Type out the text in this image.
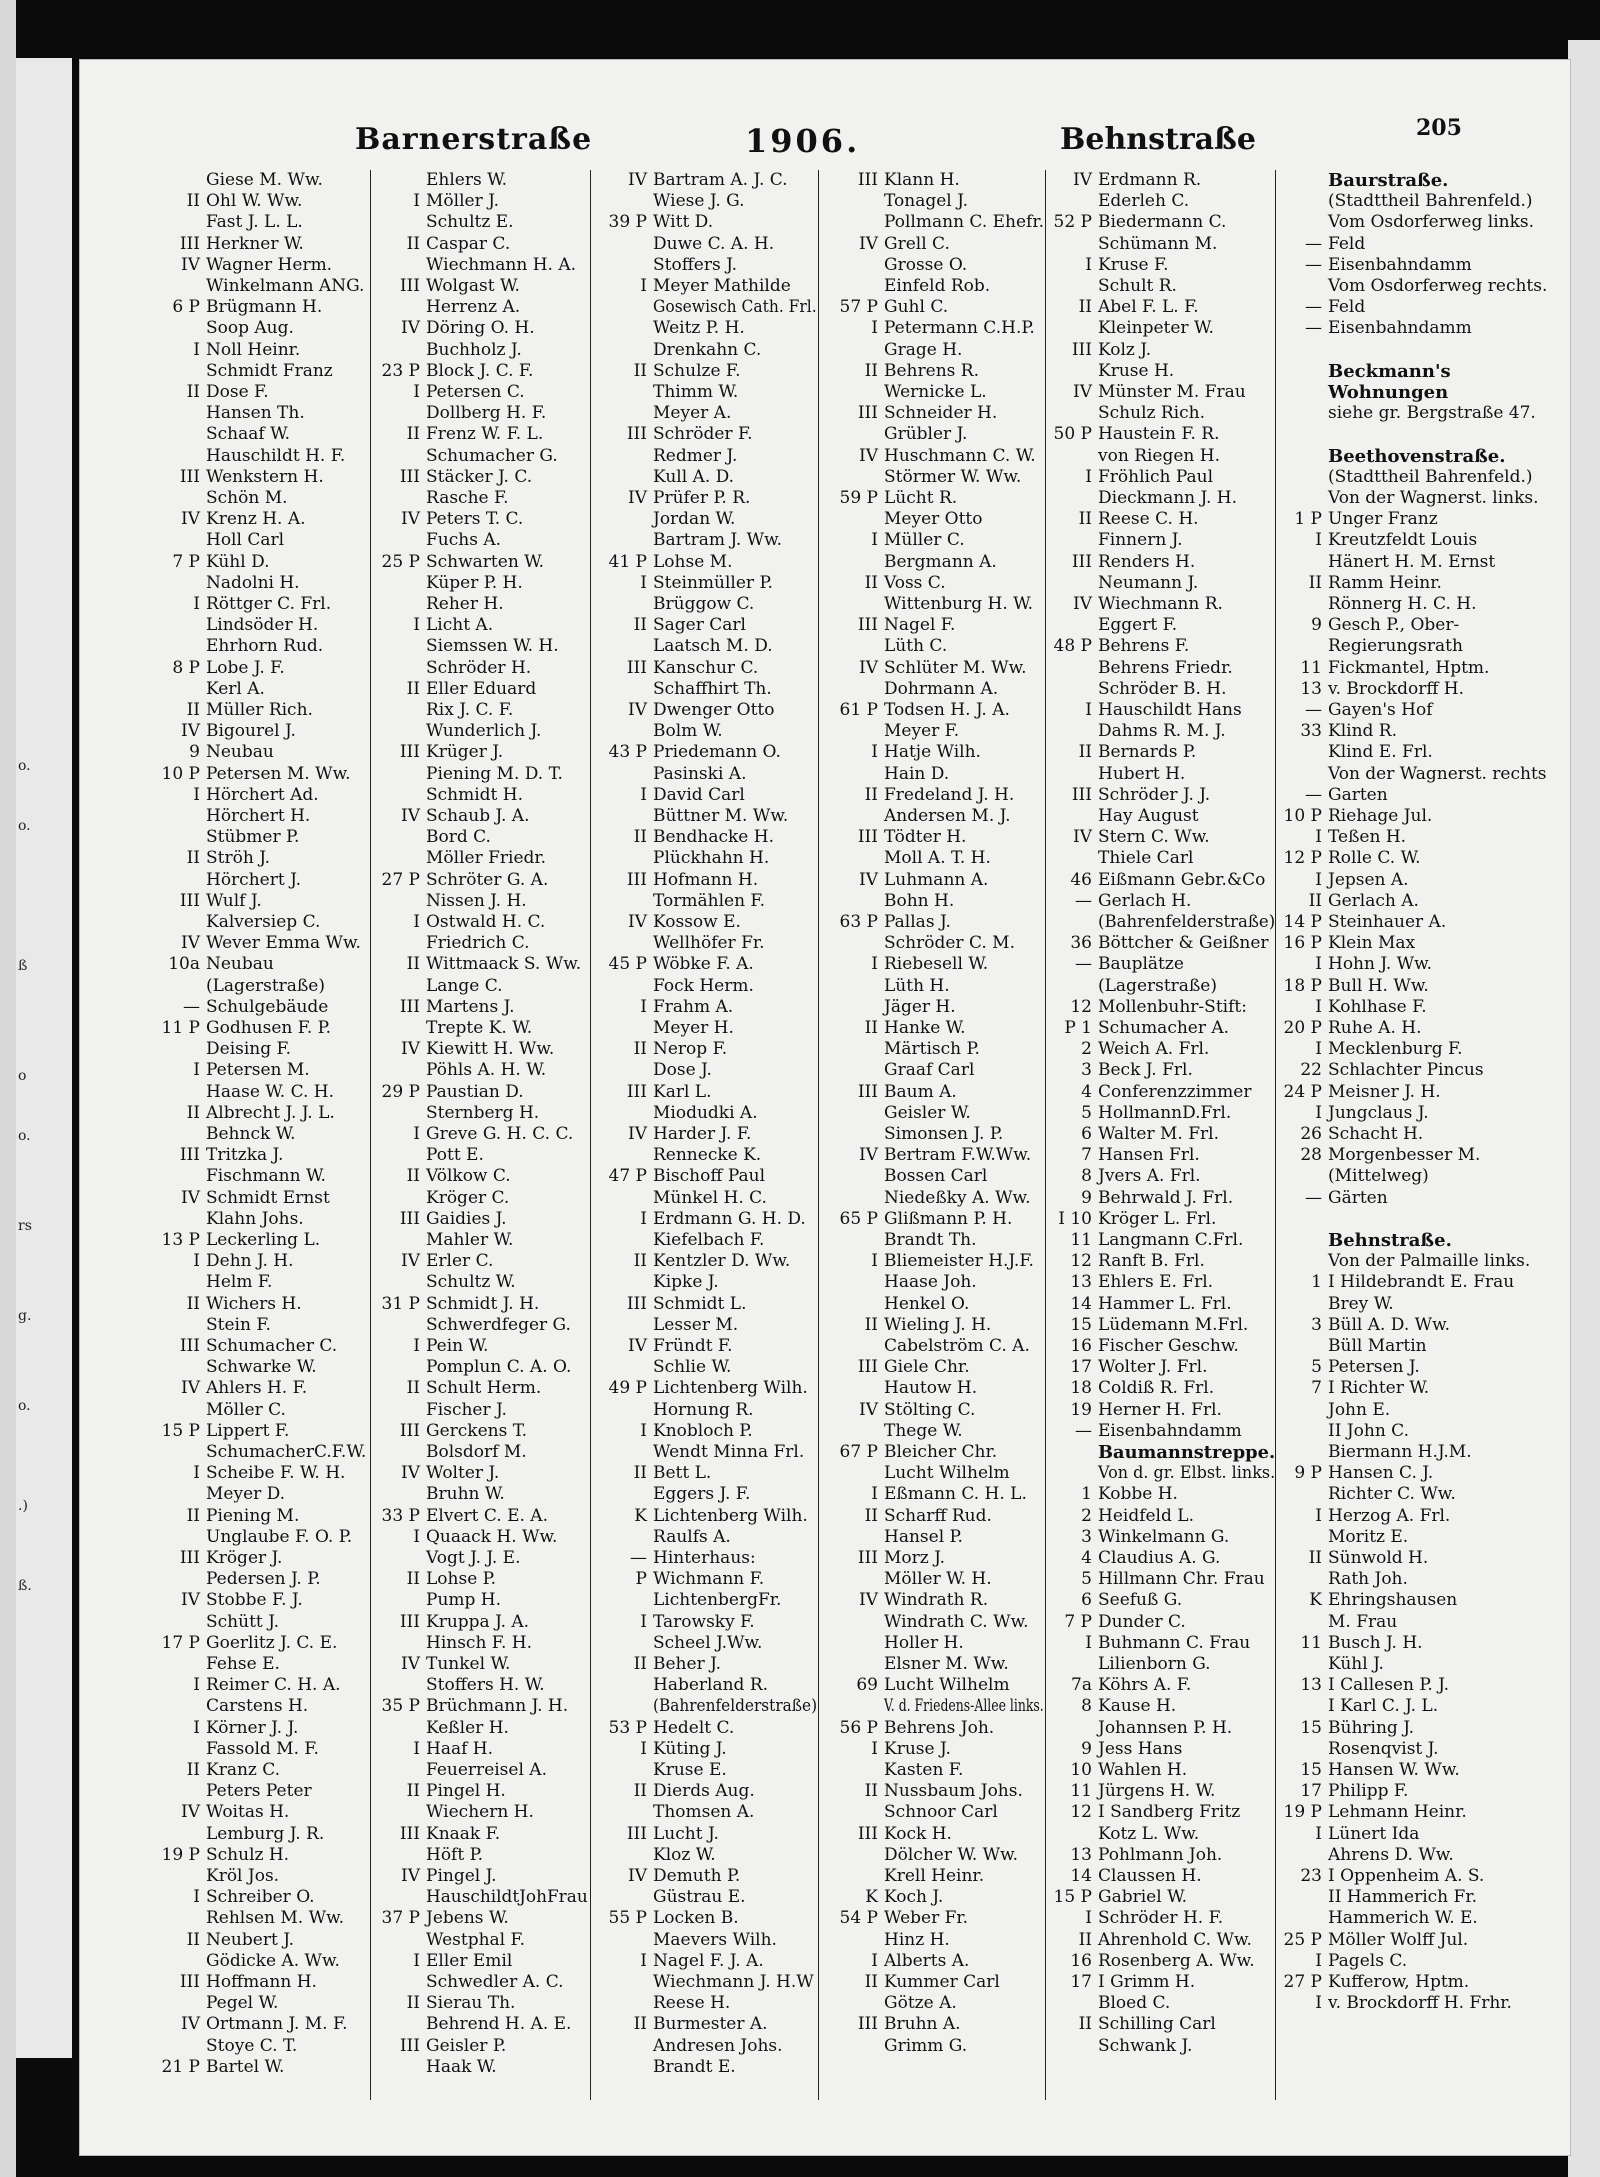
o.
o.
ß
o
o.
rs
g.
o.
.)
ß.
Barnerstraße	1906.	Behnstraße	205
Giese M. Ww.
II Ohl W. Ww.
Fast J. L. L.
III Herkner W.
IV Wagner Herm.
Winkelmann ANG.
6 P Brügmann H.
Soop Aug.
I Noll Heinr.
Schmidt Franz
II Dose F.
Hansen Th.
Schaaf W.
Hauschildt H. F.
III Wenkstern H.
Schön M.
IV Krenz H. A.
Holl Carl
7 P Kühl D.
Nadolni H.
I Röttger C. Frl.
Lindsöder H.
Ehrhorn Rud.
8 P Lobe J. F.
Kerl A.
II Müller Rich.
IV Bigourel J.
9 Neubau
10 P Petersen M. Ww.
I Hörchert Ad.
Hörchert H.
Stübmer P.
II Ströh J.
Hörchert J.
III Wulf J.
Kalversiep C.
IV Wever Emma Ww.
10a Neubau
(Lagerstraße)
— Schulgebäude
11 P Godhusen F. P.
Deising F.
I Petersen M.
Haase W. C. H.
II Albrecht J. J. L.
Behnck W.
III Tritzka J.
Fischmann W.
IV Schmidt Ernst
Klahn Johs.
13 P Leckerling L.
I Dehn J. H.
Helm F.
II Wichers H.
Stein F.
III Schumacher C.
Schwarke W.
IV Ahlers H. F.
Möller C.
15 P Lippert F.
SchumacherC.F.W.
I Scheibe F. W. H.
Meyer D.
II Piening M.
Unglaube F. O. P.
III Kröger J.
Pedersen J. P.
IV Stobbe F. J.
Schütt J.
17 P Goerlitz J. C. E.
Fehse E.
I Reimer C. H. A.
Carstens H.
I Körner J. J.
Fassold M. F.
II Kranz C.
Peters Peter
IV Woitas H.
Lemburg J. R.
19 P Schulz H.
Kröl Jos.
I Schreiber O.
Rehlsen M. Ww.
II Neubert J.
Gödicke A. Ww.
III Hoffmann H.
Pegel W.
IV Ortmann J. M. F.
Stoye C. T.
21 P Bartel W.
Ehlers W.
I Möller J.
Schultz E.
II Caspar C.
Wiechmann H. A.
III Wolgast W.
Herrenz A.
IV Döring O. H.
Buchholz J.
23 P Block J. C. F.
I Petersen C.
Dollberg H. F.
II Frenz W. F. L.
Schumacher G.
III Stäcker J. C.
Rasche F.
IV Peters T. C.
Fuchs A.
25 P Schwarten W.
Küper P. H.
Reher H.
I Licht A.
Siemssen W. H.
Schröder H.
II Eller Eduard
Rix J. C. F.
Wunderlich J.
III Krüger J.
Piening M. D. T.
Schmidt H.
IV Schaub J. A.
Bord C.
Möller Friedr.
27 P Schröter G. A.
Nissen J. H.
I Ostwald H. C.
Friedrich C.
II Wittmaack S. Ww.
Lange C.
III Martens J.
Trepte K. W.
IV Kiewitt H. Ww.
Pöhls A. H. W.
29 P Paustian D.
Sternberg H.
I Greve G. H. C. C.
Pott E.
II Völkow C.
Kröger C.
III Gaidies J.
Mahler W.
IV Erler C.
Schultz W.
31 P Schmidt J. H.
Schwerdfeger G.
I Pein W.
Pomplun C. A. O.
II Schult Herm.
Fischer J.
III Gerckens T.
Bolsdorf M.
IV Wolter J.
Bruhn W.
33 P Elvert C. E. A.
I Quaack H. Ww.
Vogt J. J. E.
II Lohse P.
Pump H.
III Kruppa J. A.
Hinsch F. H.
IV Tunkel W.
Stoffers H. W.
35 P Brüchmann J. H.
Keßler H.
I Haaf H.
Feuerreisel A.
II Pingel H.
Wiechern H.
III Knaak F.
Höft P.
IV Pingel J.
HauschildtJohFrau
37 P Jebens W.
Westphal F.
I Eller Emil
Schwedler A. C.
II Sierau Th.
Behrend H. A. E.
III Geisler P.
Haak W.
IV Bartram A. J. C.
Wiese J. G.
39 P Witt D.
Duwe C. A. H.
Stoffers J.
I Meyer Mathilde
Gosewisch Cath. Frl.
Weitz P. H.
Drenkahn C.
II Schulze F.
Thimm W.
Meyer A.
III Schröder F.
Redmer J.
Kull A. D.
IV Prüfer P. R.
Jordan W.
Bartram J. Ww.
41 P Lohse M.
I Steinmüller P.
Brüggow C.
II Sager Carl
Laatsch M. D.
III Kanschur C.
Schaffhirt Th.
IV Dwenger Otto
Bolm W.
43 P Priedemann O.
Pasinski A.
I David Carl
Büttner M. Ww.
II Bendhacke H.
Plückhahn H.
III Hofmann H.
Tormählen F.
IV Kossow E.
Wellhöfer Fr.
45 P Wöbke F. A.
Fock Herm.
I Frahm A.
Meyer H.
II Nerop F.
Dose J.
III Karl L.
Miodudki A.
IV Harder J. F.
Rennecke K.
47 P Bischoff Paul
Münkel H. C.
I Erdmann G. H. D.
Kiefelbach F.
II Kentzler D. Ww.
Kipke J.
III Schmidt L.
Lesser M.
IV Fründt F.
Schlie W.
49 P Lichtenberg Wilh.
Hornung R.
I Knobloch P.
Wendt Minna Frl.
II Bett L.
Eggers J. F.
K Lichtenberg Wilh.
Raulfs A.
— Hinterhaus:
P Wichmann F.
LichtenbergFr.
I Tarowsky F.
Scheel J.Ww.
II Beher J.
Haberland R.
(Bahrenfelderstraße)
53 P Hedelt C.
I Küting J.
Kruse E.
II Dierds Aug.
Thomsen A.
III Lucht J.
Kloz W.
IV Demuth P.
Güstrau E.
55 P Locken B.
Maevers Wilh.
I Nagel F. J. A.
Wiechmann J. H.W
Reese H.
II Burmester A.
Andresen Johs.
Brandt E.
III Klann H.
Tonagel J.
Pollmann C. Ehefr.
IV Grell C.
Grosse O.
Einfeld Rob.
57 P Guhl C.
I Petermann C.H.P.
Grage H.
II Behrens R.
Wernicke L.
III Schneider H.
Grübler J.
IV Huschmann C. W.
Störmer W. Ww.
59 P Lücht R.
Meyer Otto
I Müller C.
Bergmann A.
II Voss C.
Wittenburg H. W.
III Nagel F.
Lüth C.
IV Schlüter M. Ww.
Dohrmann A.
61 P Todsen H. J. A.
Meyer F.
I Hatje Wilh.
Hain D.
II Fredeland J. H.
Andersen M. J.
III Tödter H.
Moll A. T. H.
IV Luhmann A.
Bohn H.
63 P Pallas J.
Schröder C. M.
I Riebesell W.
Lüth H.
Jäger H.
II Hanke W.
Märtisch P.
Graaf Carl
III Baum A.
Geisler W.
Simonsen J. P.
IV Bertram F.W.Ww.
Bossen Carl
Niedeßky A. Ww.
65 P Glißmann P. H.
Brandt Th.
I Bliemeister H.J.F.
Haase Joh.
Henkel O.
II Wieling J. H.
Cabelström C. A.
III Giele Chr.
Hautow H.
IV Stölting C.
Thege W.
67 P Bleicher Chr.
Lucht Wilhelm
I Eßmann C. H. L.
II Scharff Rud.
Hansel P.
III Morz J.
Möller W. H.
IV Windrath R.
Windrath C. Ww.
Holler H.
Elsner M. Ww.
69 Lucht Wilhelm
V. d. Friedens-Allee links.
56 P Behrens Joh.
I Kruse J.
Kasten F.
II Nussbaum Johs.
Schnoor Carl
III Kock H.
Dölcher W. Ww.
Krell Heinr.
K Koch J.
54 P Weber Fr.
Hinz H.
I Alberts A.
II Kummer Carl
Götze A.
III Bruhn A.
Grimm G.
IV Erdmann R.
Ederleh C.
52 P Biedermann C.
Schümann M.
I Kruse F.
Schult R.
II Abel F. L. F.
Kleinpeter W.
III Kolz J.
Kruse H.
IV Münster M. Frau
Schulz Rich.
50 P Haustein F. R.
von Riegen H.
I Fröhlich Paul
Dieckmann J. H.
II Reese C. H.
Finnern J.
III Renders H.
Neumann J.
IV Wiechmann R.
Eggert F.
48 P Behrens F.
Behrens Friedr.
Schröder B. H.
I Hauschildt Hans
Dahms R. M. J.
II Bernards P.
Hubert H.
III Schröder J. J.
Hay August
IV Stern C. Ww.
Thiele Carl
46 Eißmann Gebr.&Co
— Gerlach H.
(Bahrenfelderstraße)
36 Böttcher & Geißner
— Bauplätze
(Lagerstraße)
12 Mollenbuhr-Stift:
P 1 Schumacher A.
2 Weich A. Frl.
3 Beck J. Frl.
4 Conferenzzimmer
5 HollmannD.Frl.
6 Walter M. Frl.
7 Hansen Frl.
8 Jvers A. Frl.
9 Behrwald J. Frl.
I 10 Kröger L. Frl.
11 Langmann C.Frl.
12 Ranft B. Frl.
13 Ehlers E. Frl.
14 Hammer L. Frl.
15 Lüdemann M.Frl.
16 Fischer Geschw.
17 Wolter J. Frl.
18 Coldiß R. Frl.
19 Herner H. Frl.
— Eisenbahndamm
Baumannstreppe.
Von d. gr. Elbst. links.
1 Kobbe H.
2 Heidfeld L.
3 Winkelmann G.
4 Claudius A. G.
5 Hillmann Chr. Frau
6 Seefuß G.
7 P Dunder C.
I Buhmann C. Frau
Lilienborn G.
7a Köhrs A. F.
8 Kause H.
Johannsen P. H.
9 Jess Hans
10 Wahlen H.
11 Jürgens H. W.
12 I Sandberg Fritz
Kotz L. Ww.
13 Pohlmann Joh.
14 Claussen H.
15 P Gabriel W.
I Schröder H. F.
II Ahrenhold C. Ww.
16 Rosenberg A. Ww.
17 I Grimm H.
Bloed C.
II Schilling Carl
Schwank J.
Baurstraße.
(Stadttheil Bahrenfeld.)
Vom Osdorferweg links.
— Feld
— Eisenbahndamm
Vom Osdorferweg rechts.
— Feld
— Eisenbahndamm
Beckmann's
Wohnungen
siehe gr. Bergstraße 47.
Beethovenstraße.
(Stadttheil Bahrenfeld.)
Von der Wagnerst. links.
1 P Unger Franz
I Kreutzfeldt Louis
Hänert H. M. Ernst
II Ramm Heinr.
Rönnerg H. C. H.
9 Gesch P., Ober-
Regierungsrath
11 Fickmantel, Hptm.
13 v. Brockdorff H.
— Gayen's Hof
33 Klind R.
Klind E. Frl.
Von der Wagnerst. rechts
— Garten
10 P Riehage Jul.
I Teßen H.
12 P Rolle C. W.
I Jepsen A.
II Gerlach A.
14 P Steinhauer A.
16 P Klein Max
I Hohn J. Ww.
18 P Bull H. Ww.
I Kohlhase F.
20 P Ruhe A. H.
I Mecklenburg F.
22 Schlachter Pincus
24 P Meisner J. H.
I Jungclaus J.
26 Schacht H.
28 Morgenbesser M.
(Mittelweg)
— Gärten
Behnstraße.
Von der Palmaille links.
1 I Hildebrandt E. Frau
Brey W.
3 Büll A. D. Ww.
Büll Martin
5 Petersen J.
7 I Richter W.
John E.
II John C.
Biermann H.J.M.
9 P Hansen C. J.
Richter C. Ww.
I Herzog A. Frl.
Moritz E.
II Sünwold H.
Rath Joh.
K Ehringshausen
M. Frau
11 Busch J. H.
Kühl J.
13 I Callesen P. J.
I Karl C. J. L.
15 Bühring J.
Rosenqvist J.
15 Hansen W. Ww.
17 Philipp F.
19 P Lehmann Heinr.
I Lünert Ida
Ahrens D. Ww.
23 I Oppenheim A. S.
II Hammerich Fr.
Hammerich W. E.
25 P Möller Wolff Jul.
I Pagels C.
27 P Kufferow, Hptm.
I v. Brockdorff H. Frhr.
